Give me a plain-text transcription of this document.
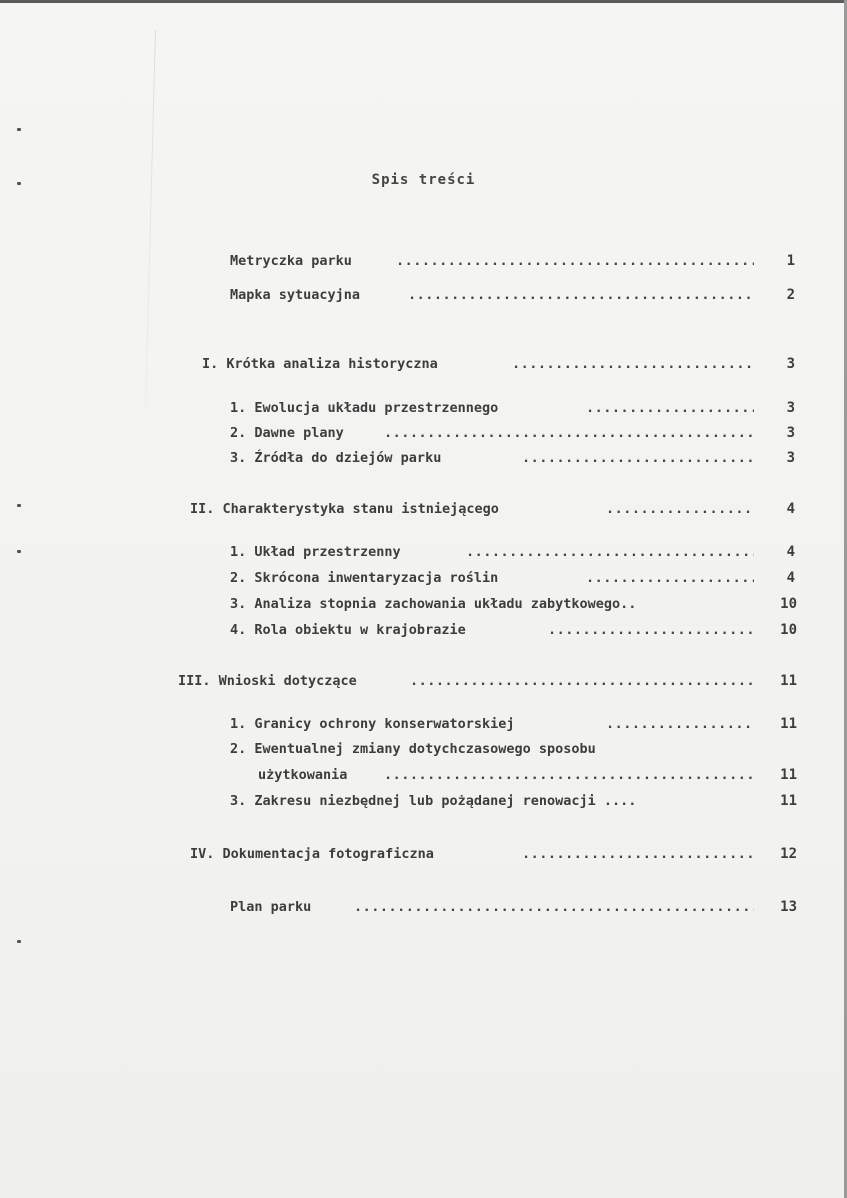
Spis treści
Metryczka parku .....	1
Mapka sytuacyjna .....	2
I. Krótka analiza historyczna .....	3
1. Ewolucja układu przestrzennego .....	3
2. Dawne plany .....	3
3. Źródła do dziejów parku .....	3
II. Charakterystyka stanu istniejącego .....	4
1. Układ przestrzenny .....	4
2. Skrócona inwentaryzacja roślin .....	4
3. Analiza stopnia zachowania układu zabytkowego..	10
4. Rola obiektu w krajobrazie .....	10
III. Wnioski dotyczące .....	11
1. Granicy ochrony konserwatorskiej .....	11
2. Ewentualnej zmiany dotychczasowego sposobu
użytkowania .....	11
3. Zakresu niezbędnej lub pożądanej renowacji ....	11
IV. Dokumentacja fotograficzna .....	12
Plan parku .....	13
